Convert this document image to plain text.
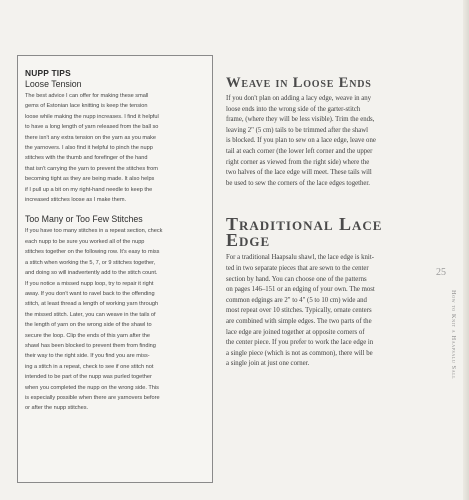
NUPP TIPS
Loose Tension

The best advice I can offer for making these small

gems of Estonian lace knitting is keep the tension

loose while making the nupp increases. I find it helpful

to have a long length of yarn released from the ball so

there isn't any extra tension on the yarn as you make

the yarnovers. I also find it helpful to pinch the nupp

stitches with the thumb and forefinger of the hand

that isn't carrying the yarn to prevent the stitches from

becoming tight as they are being made. It also helps

if I pull up a bit on my right-hand needle to keep the

increased stitches loose as I make them.

Too Many or Too Few Stitches

If you have too many stitches in a repeat section, check

each nupp to be sure you worked all of the nupp

stitches together on the following row. It's easy to miss

a stitch when working the 5, 7, or 9 stitches together,

and doing so will inadvertently add to the stitch count.

If you notice a missed nupp loop, try to repair it right

away. If you don't want to ravel back to the offending

stitch, at least thread a length of working yarn through

the missed stitch. Later, you can weave in the tails of

the length of yarn on the wrong side of the shawl to

secure the loop. Clip the ends of this yarn after the

shawl has been blocked to prevent them from finding

their way to the right side. If you find you are miss-

ing a stitch in a repeat, check to see if one stitch not

intended to be part of the nupp was purled together

when you completed the nupp on the wrong side. This

is especially possible when there are yarnovers before

or after the nupp stitches.

Weave in Loose Ends

If you don't plan on adding a lacy edge, weave in any

loose ends into the wrong side of the garter-stitch

frame, (where they will be less visible). Trim the ends,

leaving 2" (5 cm) tails to be trimmed after the shawl

is blocked. If you plan to sew on a lace edge, leave one

tail at each corner (the lower left corner and the upper

right corner as viewed from the right side) where the

two halves of the lace edge will meet. These tails will

be used to sew the corners of the lace edges together.

Traditional Lace Edge

For a traditional Haapsalu shawl, the lace edge is knit-

ted in two separate pieces that are sewn to the center

section by hand. You can choose one of the patterns

on pages 146–151 or an edging of your own. The most

common edgings are 2" to 4" (5 to 10 cm) wide and

most repeat over 10 stitches. Typically, ornate centers

are combined with simple edges. The two parts of the

lace edge are joined together at opposite corners of

the center piece. If you prefer to work the lace edge in

a single piece (which is not as common), there will be

a single join at just one corner.

25
How to Knit a Haapsalu Sall
